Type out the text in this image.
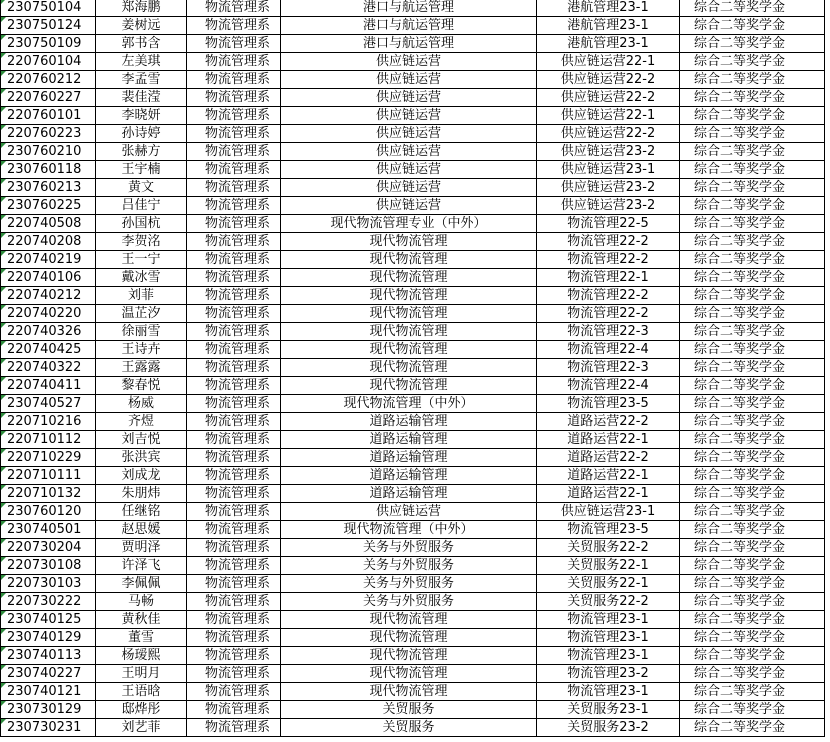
230750104	郑海鹏	物流管理系	港口与航运管理	港航管理23-1	综合二等奖学金
230750124	姜树远	物流管理系	港口与航运管理	港航管理23-1	综合二等奖学金
230750109	郭书含	物流管理系	港口与航运管理	港航管理23-1	综合二等奖学金
220760104	左美琪	物流管理系	供应链运营	供应链运营22-1	综合二等奖学金
220760212	李孟雪	物流管理系	供应链运营	供应链运营22-2	综合二等奖学金
220760227	裴佳滢	物流管理系	供应链运营	供应链运营22-2	综合二等奖学金
220760101	李晓妍	物流管理系	供应链运营	供应链运营22-1	综合二等奖学金
220760223	孙诗婷	物流管理系	供应链运营	供应链运营22-2	综合二等奖学金
230760210	张赫方	物流管理系	供应链运营	供应链运营23-2	综合二等奖学金
230760118	王宇楠	物流管理系	供应链运营	供应链运营23-1	综合二等奖学金
230760213	黄文	物流管理系	供应链运营	供应链运营23-2	综合二等奖学金
230760225	吕佳宁	物流管理系	供应链运营	供应链运营23-2	综合二等奖学金
220740508	孙国杭	物流管理系	现代物流管理专业（中外）	物流管理22-5	综合二等奖学金
220740208	李贺洺	物流管理系	现代物流管理	物流管理22-2	综合二等奖学金
220740219	王一宁	物流管理系	现代物流管理	物流管理22-2	综合二等奖学金
220740106	戴冰雪	物流管理系	现代物流管理	物流管理22-1	综合二等奖学金
220740212	刘菲	物流管理系	现代物流管理	物流管理22-2	综合二等奖学金
220740220	温芷汐	物流管理系	现代物流管理	物流管理22-2	综合二等奖学金
220740326	徐丽雪	物流管理系	现代物流管理	物流管理22-3	综合二等奖学金
220740425	王诗卉	物流管理系	现代物流管理	物流管理22-4	综合二等奖学金
220740322	王露露	物流管理系	现代物流管理	物流管理22-3	综合二等奖学金
220740411	黎春悦	物流管理系	现代物流管理	物流管理22-4	综合二等奖学金
230740527	杨威	物流管理系	现代物流管理（中外）	物流管理23-5	综合二等奖学金
220710216	齐煜	物流管理系	道路运输管理	道路运营22-2	综合二等奖学金
220710112	刘吉悦	物流管理系	道路运输管理	道路运营22-1	综合二等奖学金
220710229	张洪宾	物流管理系	道路运输管理	道路运营22-2	综合二等奖学金
220710111	刘成龙	物流管理系	道路运输管理	道路运营22-1	综合二等奖学金
220710132	朱朋炜	物流管理系	道路运输管理	道路运营22-1	综合二等奖学金
230760120	任继铭	物流管理系	供应链运营	供应链运营23-1	综合二等奖学金
230740501	赵思媛	物流管理系	现代物流管理（中外）	物流管理23-5	综合二等奖学金
220730204	贾明泽	物流管理系	关务与外贸服务	关贸服务22-2	综合二等奖学金
220730108	许泽飞	物流管理系	关务与外贸服务	关贸服务22-1	综合二等奖学金
220730103	李佩佩	物流管理系	关务与外贸服务	关贸服务22-1	综合二等奖学金
220730222	马畅	物流管理系	关务与外贸服务	关贸服务22-2	综合二等奖学金
230740125	黄秋佳	物流管理系	现代物流管理	物流管理23-1	综合二等奖学金
230740129	董雪	物流管理系	现代物流管理	物流管理23-1	综合二等奖学金
230740113	杨瑷熙	物流管理系	现代物流管理	物流管理23-1	综合二等奖学金
230740227	王明月	物流管理系	现代物流管理	物流管理23-2	综合二等奖学金
230740121	王语晗	物流管理系	现代物流管理	物流管理23-1	综合二等奖学金
230730129	邸烨彤	物流管理系	关贸服务	关贸服务23-1	综合二等奖学金
230730231	刘艺菲	物流管理系	关贸服务	关贸服务23-2	综合二等奖学金
